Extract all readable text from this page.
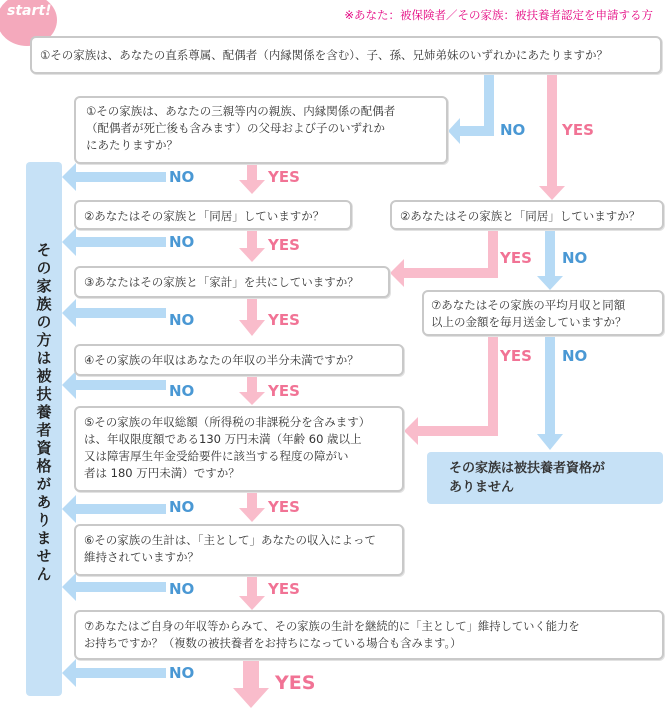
start!	※あなた：被保険者／その家族：被扶養者認定を申請する方
その家族の方は被扶養者資格がありません
NO YES
NO	YES
NO	YES
YES NO
NO	YES
YES NO
NO	YES
NO	YES
NO	YES
NO	YES
①その家族は、あなたの直系尊属、配偶者（内縁関係を含む）、子、孫、兄姉弟妹のいずれかにあたりますか？
①その家族は、あなたの三親等内の親族、内縁関係の配偶者
（配偶者が死亡後も含みます）の父母および子のいずれか
にあたりますか？
②あなたはその家族と「同居」していますか？	②あなたはその家族と「同居」していますか？
③あなたはその家族と「家計」を共にしていますか？
⑦あなたはその家族の平均月収と同額
以上の金額を毎月送金していますか？
④その家族の年収はあなたの年収の半分未満ですか？
⑤その家族の年収総額（所得税の非課税分を含みます）
は、年収限度額である130 万円未満（年齢 60 歳以上
又は障害厚生年金受給要件に該当する程度の障がい
者は 180 万円未満）ですか？	その家族は被扶養者資格が
ありません
⑥その家族の生計は、「主として」あなたの収入によって
維持されていますか？
⑦あなたはご自身の年収等からみて、その家族の生計を継続的に「主として」維持していく能力を
お持ちですか？（複数の被扶養者をお持ちになっている場合も含みます。）
